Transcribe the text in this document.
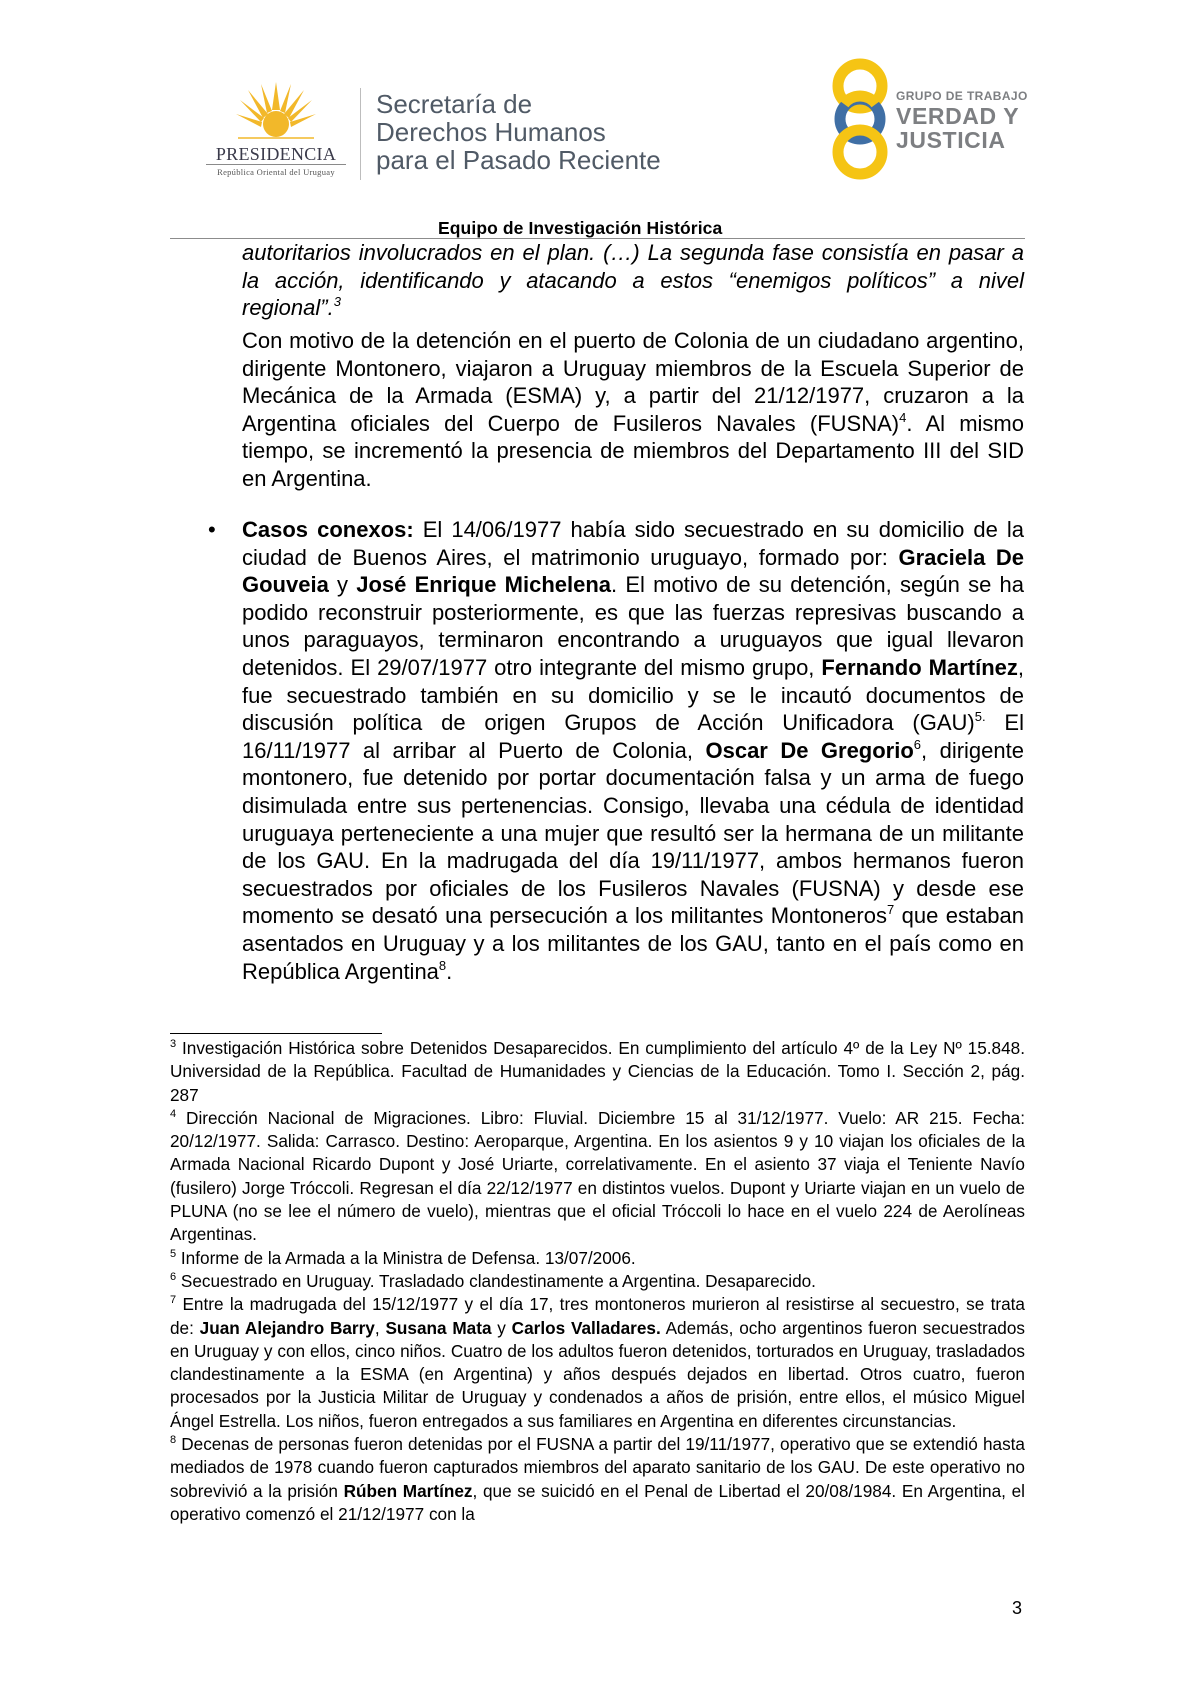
PRESIDENCIA
República Oriental del Uruguay
Secretaría de
Derechos Humanos
para el Pasado Reciente
GRUPO DE TRABAJO
VERDAD Y
JUSTICIA
Equipo de Investigación Histórica

autoritarios involucrados en el plan. (…) La segunda fase consistía en pasar a la acción, identificando y atacando a estos “enemigos políticos” a nivel regional”.$^3$

Con motivo de la detención en el puerto de Colonia de un ciudadano argentino, dirigente Montonero, viajaron a Uruguay miembros de la Escuela Superior de Mecánica de la Armada (ESMA) y, a partir del 21/12/1977, cruzaron a la Argentina oficiales del Cuerpo de Fusileros Navales (FUSNA)$^4$. Al mismo tiempo, se incrementó la presencia de miembros del Departamento III del SID en Argentina.

• Casos conexos: El 14/06/1977 había sido secuestrado en su domicilio de la ciudad de Buenos Aires, el matrimonio uruguayo, formado por: Graciela De Gouveia y José Enrique Michelena. El motivo de su detención, según se ha podido reconstruir posteriormente, es que las fuerzas represivas buscando a unos paraguayos, terminaron encontrando a uruguayos que igual llevaron detenidos. El 29/07/1977 otro integrante del mismo grupo, Fernando Martínez, fue secuestrado también en su domicilio y se le incautó documentos de discusión política de origen Grupos de Acción Unificadora (GAU)$^{5.}$ El 16/11/1977 al arribar al Puerto de Colonia, Oscar De Gregorio$^6$, dirigente montonero, fue detenido por portar documentación falsa y un arma de fuego disimulada entre sus pertenencias. Consigo, llevaba una cédula de identidad uruguaya perteneciente a una mujer que resultó ser la hermana de un militante de los GAU. En la madrugada del día 19/11/1977, ambos hermanos fueron secuestrados por oficiales de los Fusileros Navales (FUSNA) y desde ese momento se desató una persecución a los militantes Montoneros$^7$ que estaban asentados en Uruguay y a los militantes de los GAU, tanto en el país como en República Argentina$^8$.

$^3$ Investigación Histórica sobre Detenidos Desaparecidos. En cumplimiento del artículo 4º de la Ley Nº 15.848. Universidad de la República. Facultad de Humanidades y Ciencias de la Educación. Tomo I. Sección 2, pág. 287

$^4$ Dirección Nacional de Migraciones. Libro: Fluvial. Diciembre 15 al 31/12/1977. Vuelo: AR 215. Fecha: 20/12/1977. Salida: Carrasco. Destino: Aeroparque, Argentina. En los asientos 9 y 10 viajan los oficiales de la Armada Nacional Ricardo Dupont y José Uriarte, correlativamente. En el asiento 37 viaja el Teniente Navío (fusilero) Jorge Tróccoli. Regresan el día 22/12/1977 en distintos vuelos. Dupont y Uriarte viajan en un vuelo de PLUNA (no se lee el número de vuelo), mientras que el oficial Tróccoli lo hace en el vuelo 224 de Aerolíneas Argentinas.

$^5$ Informe de la Armada a la Ministra de Defensa. 13/07/2006.

$^6$ Secuestrado en Uruguay. Trasladado clandestinamente a Argentina. Desaparecido.

$^7$ Entre la madrugada del 15/12/1977 y el día 17, tres montoneros murieron al resistirse al secuestro, se trata de: Juan Alejandro Barry, Susana Mata y Carlos Valladares. Además, ocho argentinos fueron secuestrados en Uruguay y con ellos, cinco niños. Cuatro de los adultos fueron detenidos, torturados en Uruguay, trasladados clandestinamente a la ESMA (en Argentina) y años después dejados en libertad. Otros cuatro, fueron procesados por la Justicia Militar de Uruguay y condenados a años de prisión, entre ellos, el músico Miguel Ángel Estrella. Los niños, fueron entregados a sus familiares en Argentina en diferentes circunstancias.

$^8$ Decenas de personas fueron detenidas por el FUSNA a partir del 19/11/1977, operativo que se extendió hasta mediados de 1978 cuando fueron capturados miembros del aparato sanitario de los GAU. De este operativo no sobrevivió a la prisión Rúben Martínez, que se suicidó en el Penal de Libertad el 20/08/1984. En Argentina, el operativo comenzó el 21/12/1977 con la

3
